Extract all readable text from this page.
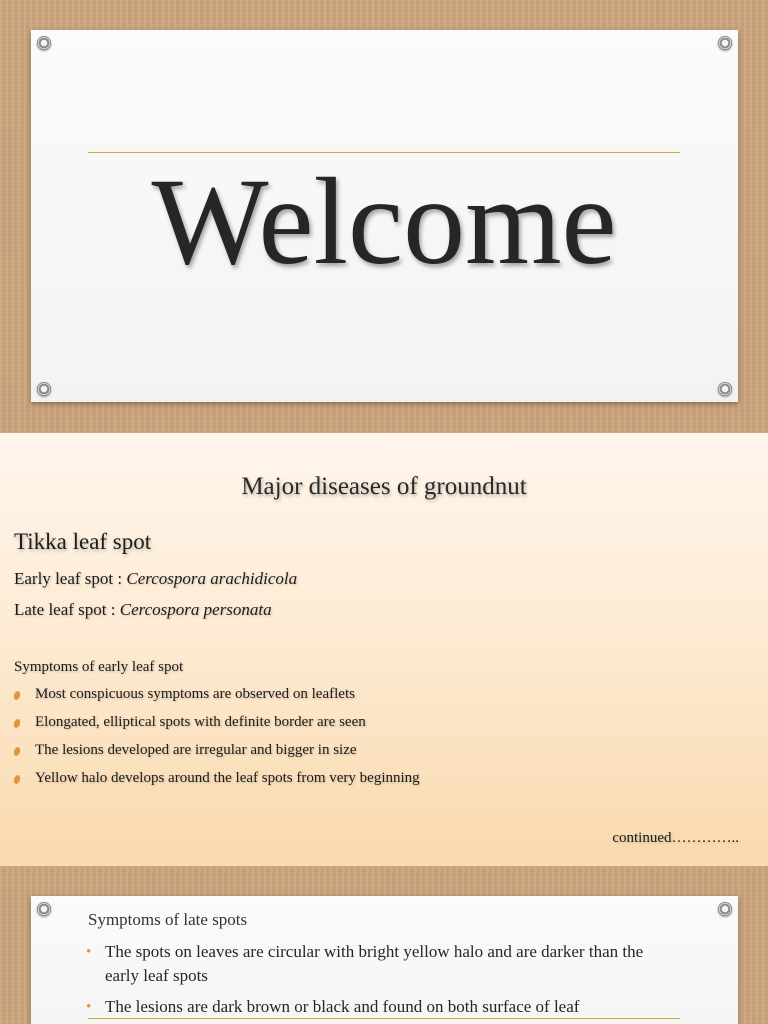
Welcome
Major diseases of groundnut
Tikka leaf spot
Early leaf spot : Cercospora arachidicola
Late leaf spot : Cercospora personata
Symptoms of early leaf spot
Most conspicuous symptoms are observed on leaflets
Elongated, elliptical spots with definite border are seen
The lesions developed are irregular and bigger in size
Yellow halo develops around the leaf spots from very beginning
continued…………..
Symptoms of late spots
• The spots on leaves are circular with bright yellow halo and are darker than the early leaf spots
• The lesions are dark brown or black and found on both surface of leaf
